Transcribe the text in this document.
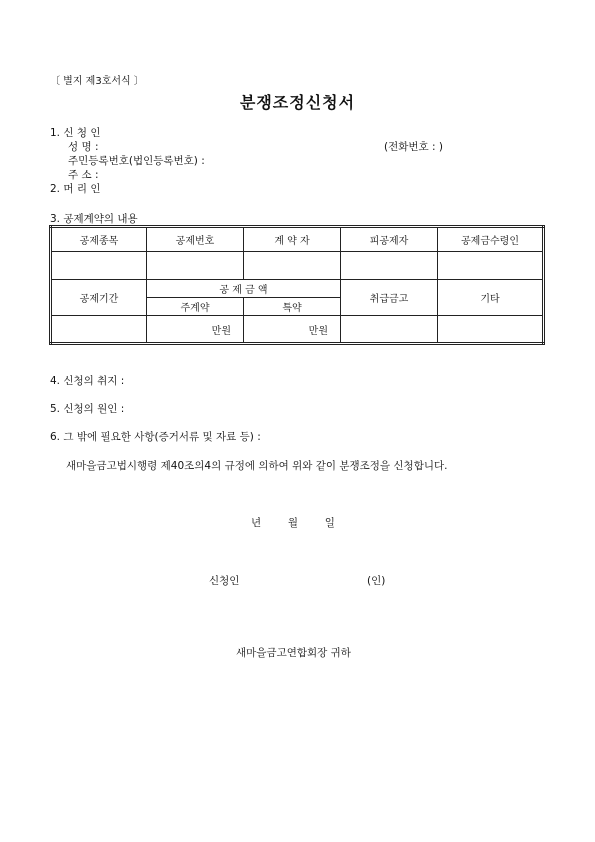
〔 별지 제3호서식 〕
분쟁조정신청서
1. 신 청 인
성 명 :	(전화번호 : )
주민등록번호(법인등록번호) :
주 소 :
2. 머 리 인
3. 공제계약의 내용
공제종목	공제번호	계 약 자	피공제자	공제금수령인

공제기간	공 제 금 액		취급금고	기타
	주계약	특약		
	만원	만원		
4. 신청의 취지 :
5. 신청의 원인 :
6. 그 밖에 필요한 사항(증거서류 및 자료 등) :
새마을금고법시행령 제40조의4의 규정에 의하여 위와 같이 분쟁조정을 신청합니다.
년        월        일
신청인	(인)
새마을금고연합회장 귀하
